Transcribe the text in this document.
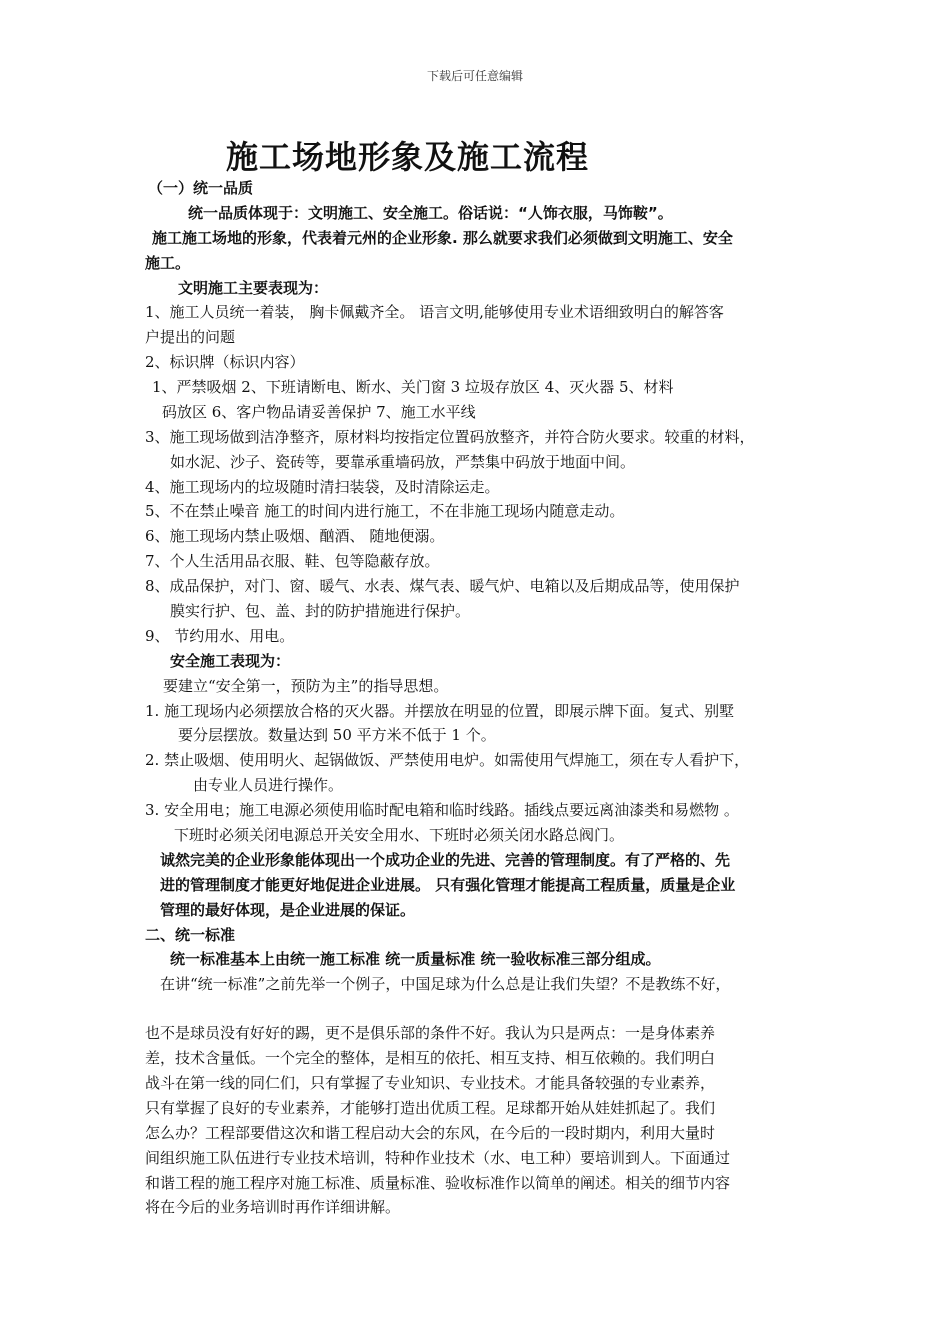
下载后可任意编辑
施工场地形象及施工流程
（一）统一品质
统一品质体现于：文明施工、安全施工。俗话说：“人饰衣服，马饰鞍”。
施工施工场地的形象，代表着元州的企业形象. 那么就要求我们必须做到文明施工、安全
施工。
文明施工主要表现为：
1、施工人员统一着装， 胸卡佩戴齐全。 语言文明,能够使用专业术语细致明白的解答客
户提出的问题
2、标识牌（标识内容）
1、严禁吸烟 2、下班请断电、断水、关门窗 3 垃圾存放区 4、灭火器 5、材料
码放区 6、客户物品请妥善保护 7、施工水平线
3、施工现场做到洁净整齐，原材料均按指定位置码放整齐，并符合防火要求。较重的材料，
如水泥、沙子、瓷砖等，要靠承重墙码放，严禁集中码放于地面中间。
4、施工现场内的垃圾随时清扫装袋，及时清除运走。
5、不在禁止噪音 施工的时间内进行施工，不在非施工现场内随意走动。
6、施工现场内禁止吸烟、酗酒、 随地便溺。
7、个人生活用品衣服、鞋、包等隐蔽存放。
8、成品保护，对门、窗、暖气、水表、煤气表、暖气炉、电箱以及后期成品等，使用保护
膜实行护、包、盖、封的防护措施进行保护。
9、 节约用水、用电。
安全施工表现为：
要建立“安全第一，预防为主”的指导思想。
1. 施工现场内必须摆放合格的灭火器。并摆放在明显的位置，即展示牌下面。复式、别墅
要分层摆放。数量达到 50 平方米不低于 1 个。
2. 禁止吸烟、使用明火、起锅做饭、严禁使用电炉。如需使用气焊施工，须在专人看护下，
由专业人员进行操作。
3. 安全用电；施工电源必须使用临时配电箱和临时线路。插线点要远离油漆类和易燃物 。
下班时必须关闭电源总开关安全用水、下班时必须关闭水路总阀门。
诚然完美的企业形象能体现出一个成功企业的先进、完善的管理制度。有了严格的、先
进的管理制度才能更好地促进企业进展。 只有强化管理才能提高工程质量，质量是企业
管理的最好体现，是企业进展的保证。
二、统一标准
统一标准基本上由统一施工标准 统一质量标准 统一验收标准三部分组成。
在讲“统一标准”之前先举一个例子，中国足球为什么总是让我们失望？不是教练不好，
也不是球员没有好好的踢，更不是俱乐部的条件不好。我认为只是两点：一是身体素养
差，技术含量低。一个完全的整体，是相互的依托、相互支持、相互依赖的。我们明白
战斗在第一线的同仁们，只有掌握了专业知识、专业技术。才能具备较强的专业素养，
只有掌握了良好的专业素养，才能够打造出优质工程。足球都开始从娃娃抓起了。我们
怎么办？工程部要借这次和谐工程启动大会的东风，在今后的一段时期内，利用大量时
间组织施工队伍进行专业技术培训，特种作业技术（水、电工种）要培训到人。下面通过
和谐工程的施工程序对施工标准、质量标准、验收标准作以简单的阐述。相关的细节内容
将在今后的业务培训时再作详细讲解。
